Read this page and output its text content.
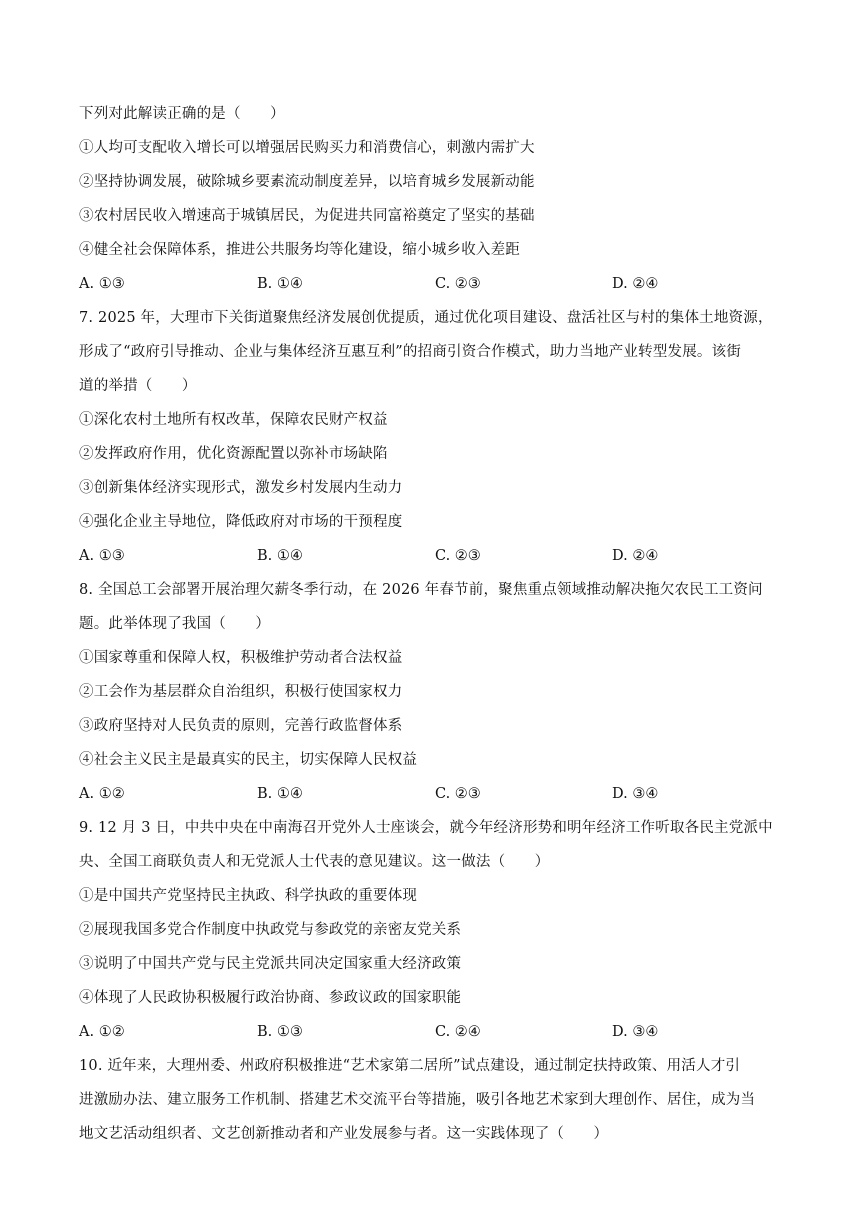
下列对此解读正确的是（　　）
①人均可支配收入增长可以增强居民购买力和消费信心，刺激内需扩大
②坚持协调发展，破除城乡要素流动制度差异，以培育城乡发展新动能
③农村居民收入增速高于城镇居民，为促进共同富裕奠定了坚实的基础
④健全社会保障体系，推进公共服务均等化建设，缩小城乡收入差距
A. ①③	B. ①④	C. ②③	D. ②④
7. 2025 年，大理市下关街道聚焦经济发展创优提质，通过优化项目建设、盘活社区与村的集体土地资源，
形成了“政府引导推动、企业与集体经济互惠互利”的招商引资合作模式，助力当地产业转型发展。该街
道的举措（　　）
①深化农村土地所有权改革，保障农民财产权益
②发挥政府作用，优化资源配置以弥补市场缺陷
③创新集体经济实现形式，激发乡村发展内生动力
④强化企业主导地位，降低政府对市场的干预程度
A. ①③	B. ①④	C. ②③	D. ②④
8. 全国总工会部署开展治理欠薪冬季行动，在 2026 年春节前，聚焦重点领域推动解决拖欠农民工工资问
题。此举体现了我国（　　）
①国家尊重和保障人权，积极维护劳动者合法权益
②工会作为基层群众自治组织，积极行使国家权力
③政府坚持对人民负责的原则，完善行政监督体系
④社会主义民主是最真实的民主，切实保障人民权益
A. ①②	B. ①④	C. ②③	D. ③④
9. 12 月 3 日，中共中央在中南海召开党外人士座谈会，就今年经济形势和明年经济工作听取各民主党派中
央、全国工商联负责人和无党派人士代表的意见建议。这一做法（　　）
①是中国共产党坚持民主执政、科学执政的重要体现
②展现我国多党合作制度中执政党与参政党的亲密友党关系
③说明了中国共产党与民主党派共同决定国家重大经济政策
④体现了人民政协积极履行政治协商、参政议政的国家职能
A. ①②	B. ①③	C. ②④	D. ③④
10. 近年来，大理州委、州政府积极推进“艺术家第二居所”试点建设，通过制定扶持政策、用活人才引
进激励办法、建立服务工作机制、搭建艺术交流平台等措施，吸引各地艺术家到大理创作、居住，成为当
地文艺活动组织者、文艺创新推动者和产业发展参与者。这一实践体现了（　　）
